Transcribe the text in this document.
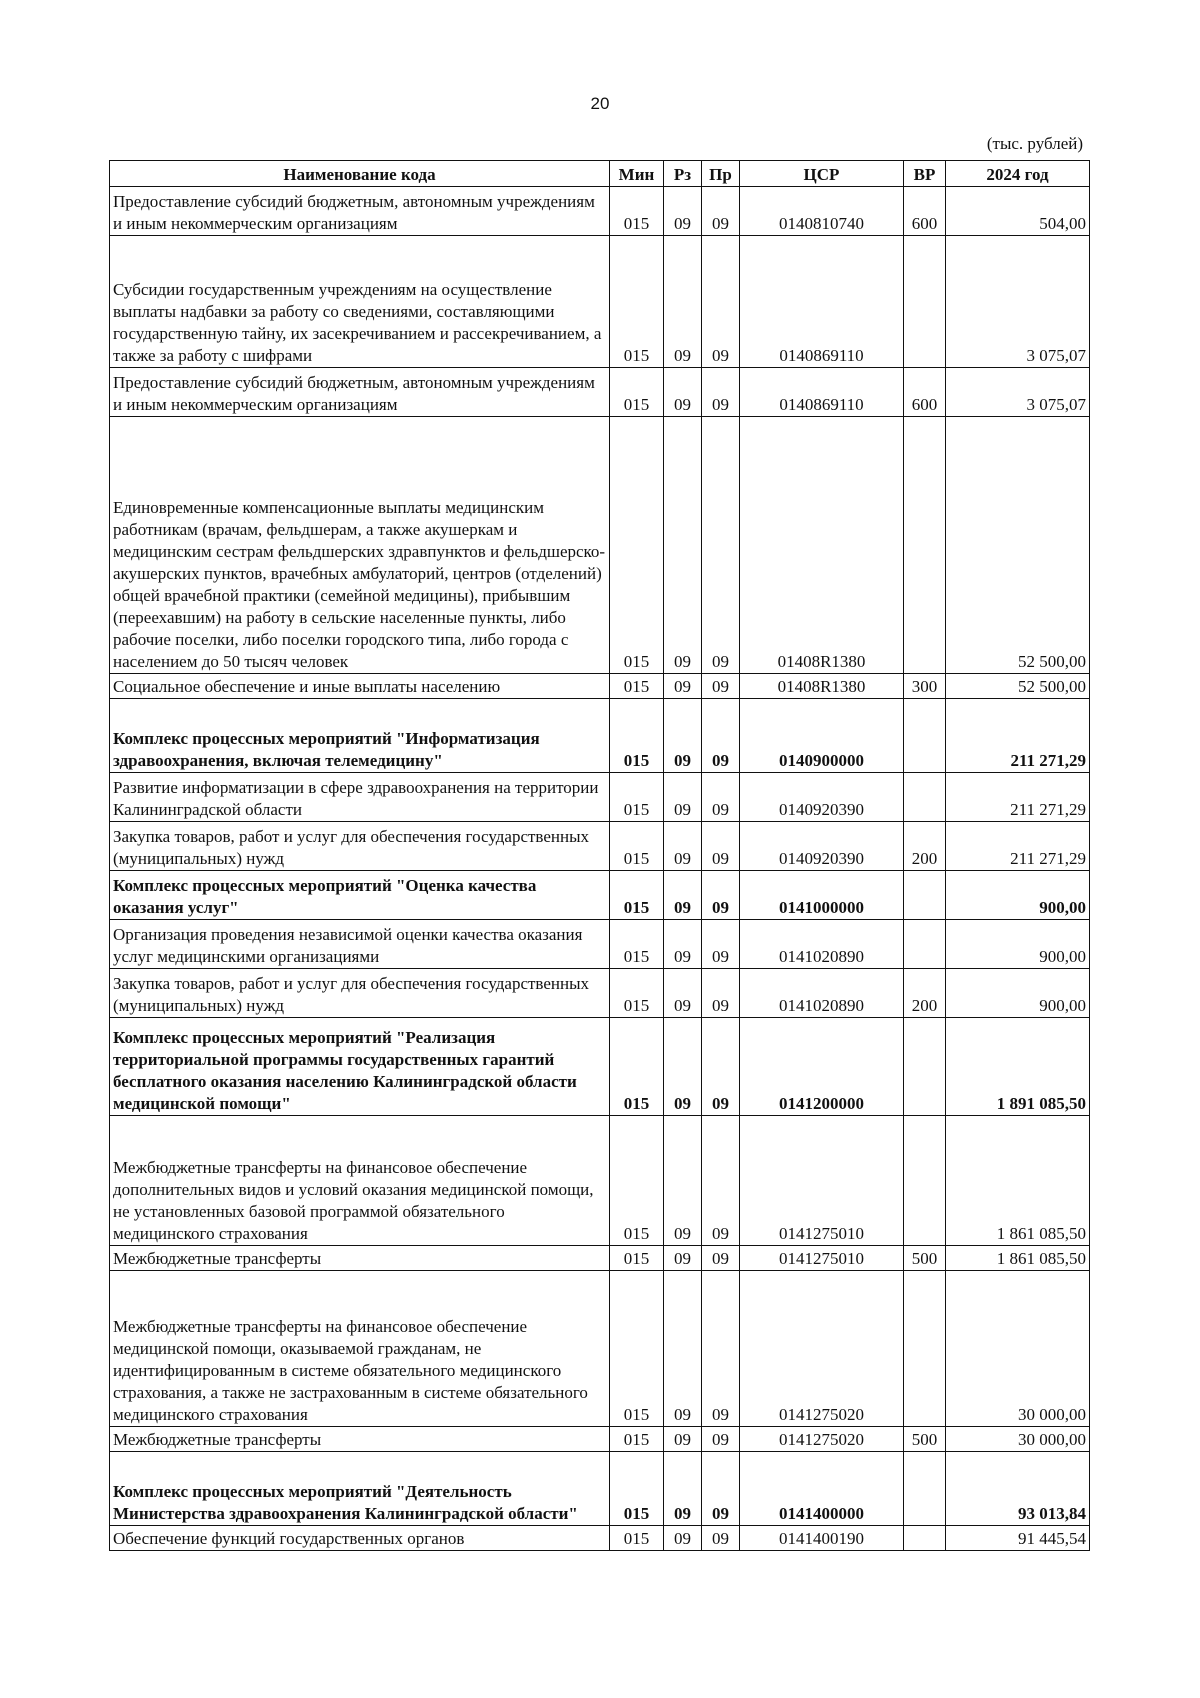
20
(тыс. рублей)
Наименование кода	Мин	Рз	Пр	ЦСР	ВР	2024 год
Предоставление субсидий бюджетным, автономным учреждениям и иным некоммерческим организациям	015	09	09	0140810740	600	504,00
Субсидии государственным учреждениям на осуществление выплаты надбавки за работу со сведениями, составляющими государственную тайну, их засекречиванием и рассекречиванием, а также за работу с шифрами	015	09	09	0140869110		3 075,07
Предоставление субсидий бюджетным, автономным учреждениям и иным некоммерческим организациям	015	09	09	0140869110	600	3 075,07
Единовременные компенсационные выплаты медицинским работникам (врачам, фельдшерам, а также акушеркам и медицинским сестрам фельдшерских здравпунктов и фельдшерско-акушерских пунктов, врачебных амбулаторий, центров (отделений) общей врачебной практики (семейной медицины), прибывшим (переехавшим) на работу в сельские населенные пункты, либо рабочие поселки, либо поселки городского типа, либо города с населением до 50 тысяч человек	015	09	09	01408R1380		52 500,00
Социальное обеспечение и иные выплаты населению	015	09	09	01408R1380	300	52 500,00
Комплекс процессных мероприятий "Информатизация здравоохранения, включая телемедицину"	015	09	09	0140900000		211 271,29
Развитие информатизации в сфере здравоохранения на территории Калининградской области	015	09	09	0140920390		211 271,29
Закупка товаров, работ и услуг для обеспечения государственных (муниципальных) нужд	015	09	09	0140920390	200	211 271,29
Комплекс процессных мероприятий "Оценка качества оказания услуг"	015	09	09	0141000000		900,00
Организация проведения независимой оценки качества оказания услуг медицинскими организациями	015	09	09	0141020890		900,00
Закупка товаров, работ и услуг для обеспечения государственных (муниципальных) нужд	015	09	09	0141020890	200	900,00
Комплекс процессных мероприятий "Реализация территориальной программы государственных гарантий бесплатного оказания населению Калининградской области медицинской помощи"	015	09	09	0141200000		1 891 085,50
Межбюджетные трансферты на финансовое обеспечение дополнительных видов и условий оказания медицинской помощи, не установленных базовой программой обязательного медицинского страхования	015	09	09	0141275010		1 861 085,50
Межбюджетные трансферты	015	09	09	0141275010	500	1 861 085,50
Межбюджетные трансферты на финансовое обеспечение медицинской помощи, оказываемой гражданам, не идентифицированным в системе обязательного медицинского страхования, а также не застрахованным в системе обязательного медицинского страхования	015	09	09	0141275020		30 000,00
Межбюджетные трансферты	015	09	09	0141275020	500	30 000,00
Комплекс процессных мероприятий "Деятельность Министерства здравоохранения Калининградской области"	015	09	09	0141400000		93 013,84
Обеспечение функций государственных органов	015	09	09	0141400190		91 445,54
